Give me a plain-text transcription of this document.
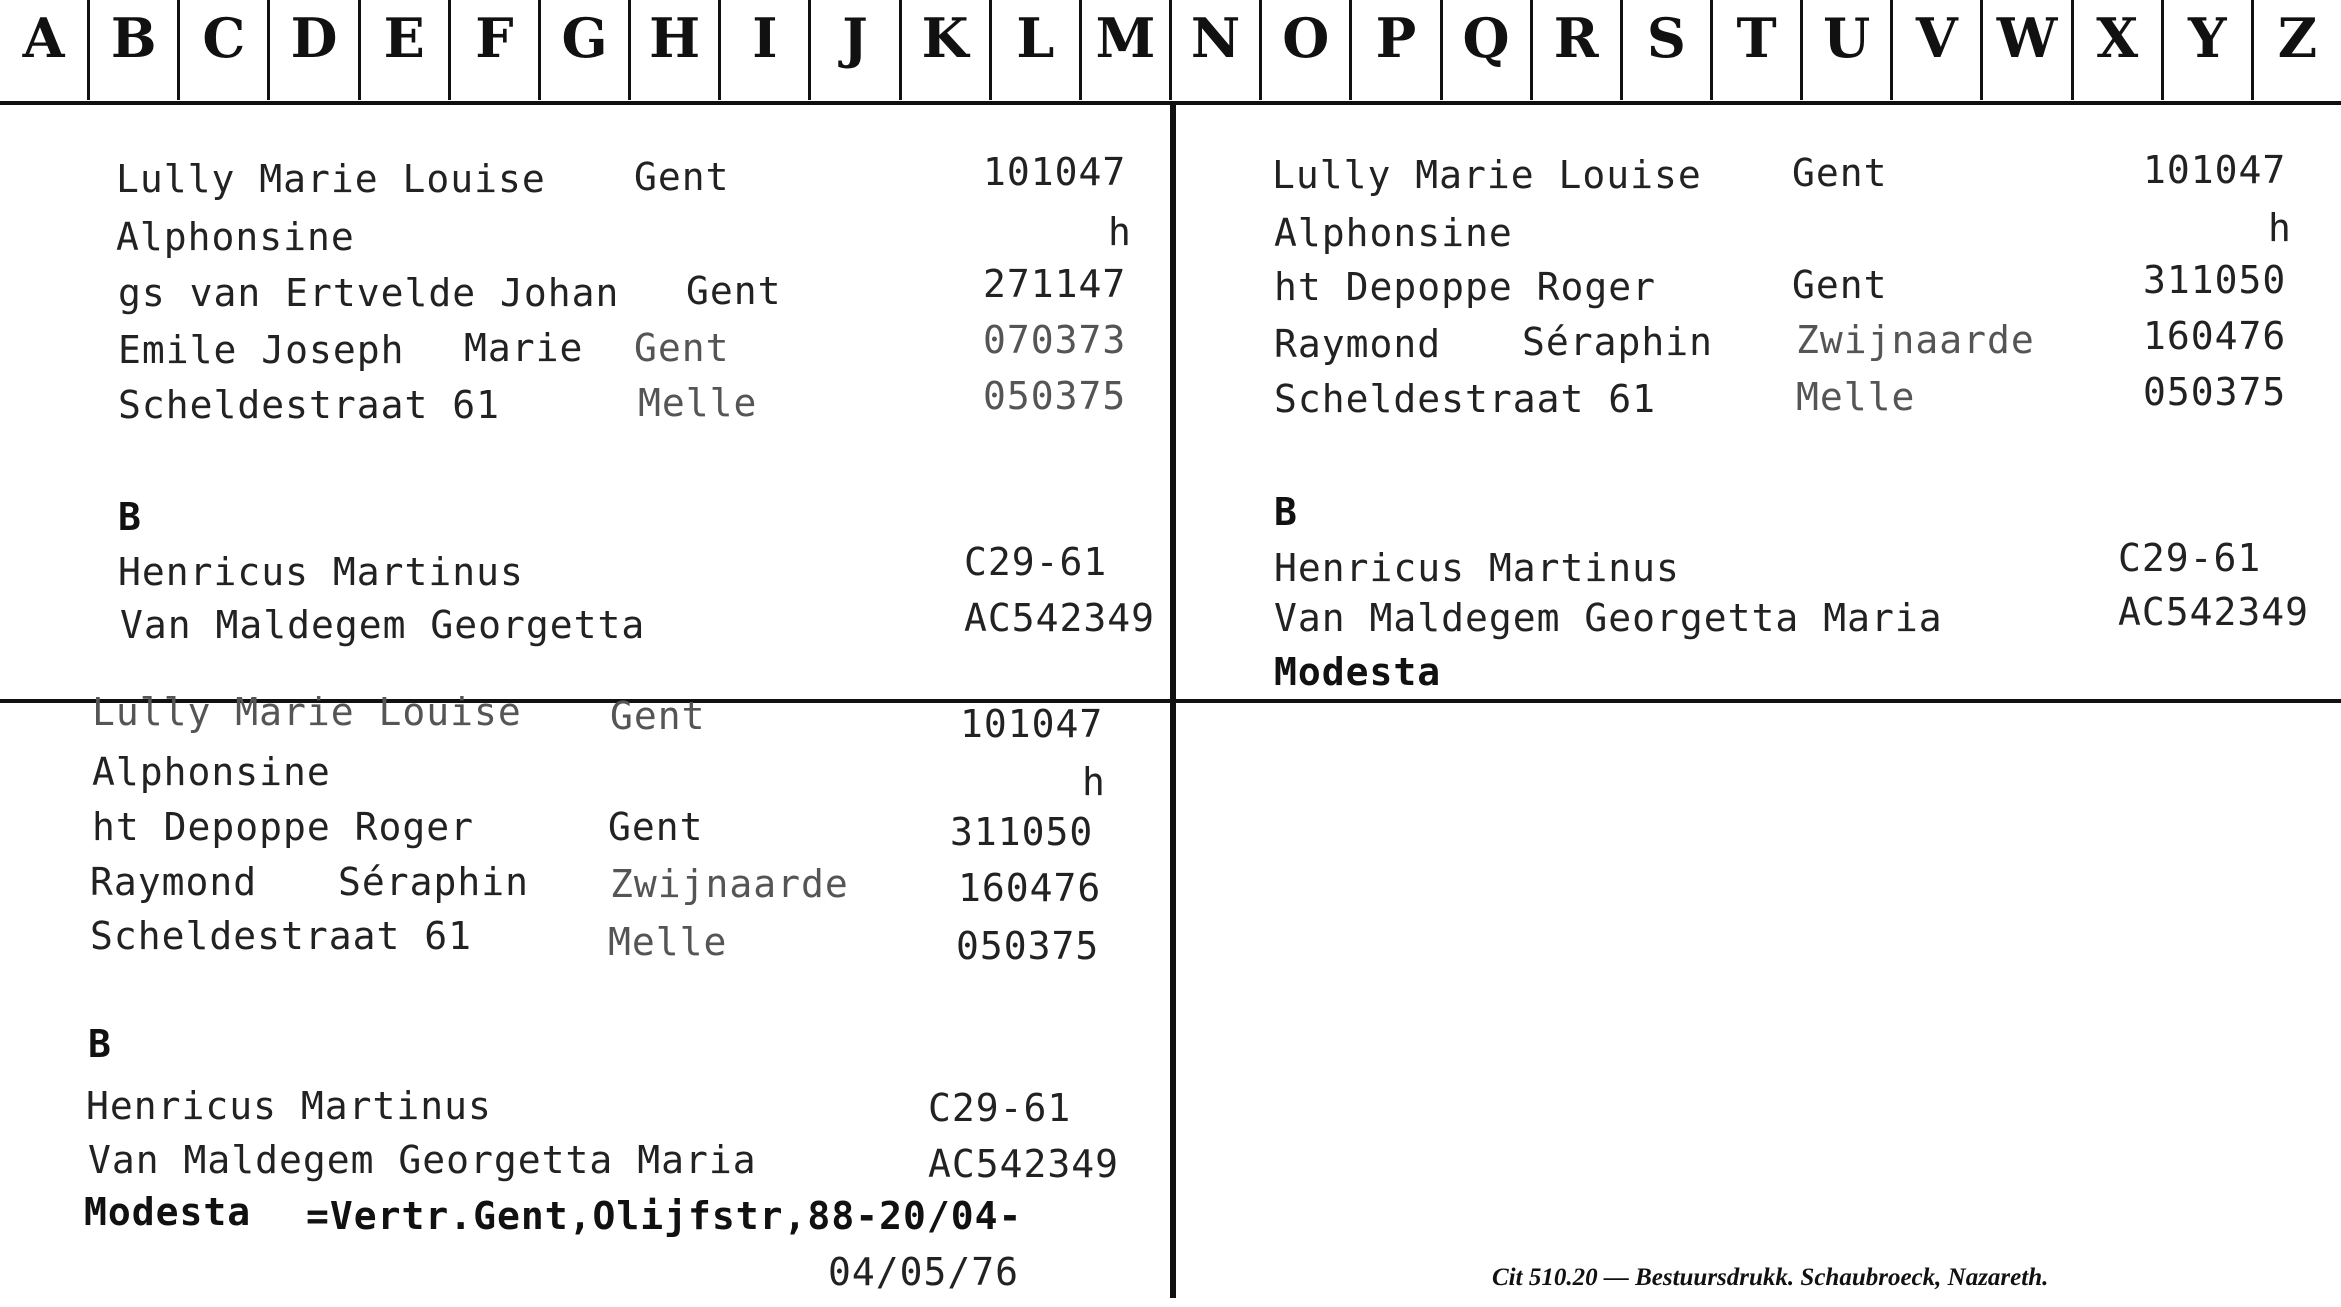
A B C D E F G H I	J K L M N O P Q R S T U V W X Y Z
Lully Marie Louise Gent	101047
Alphonsine	h
gs van Ertvelde Johan Gent	271147
Emile Joseph Marie Gent	070373
Scheldestraat 61	Melle	050375
B
Henricus Martinus	C29-61
Van Maldegem Georgetta	AC542349
Lully Marie Louise Gent	101047
Alphonsine	h
ht Depoppe Roger	Gent	311050
Raymond Séraphin Zwijnaarde	160476
Scheldestraat 61	Melle	050375
B
Henricus Martinus	C29-61
Van Maldegem Georgetta Maria	AC542349
Modesta
Lully Marie Louise Gent	101047
Alphonsine	h
ht Depoppe Roger	Gent	311050
Raymond Séraphin Zwijnaarde	160476
Scheldestraat 61	Melle	050375
B
Henricus Martinus	C29-61
Van Maldegem Georgetta Maria	AC542349
Modesta =Vertr.Gent,Olijfstr,88-20/04-
04/05/76	Cit 510.20 — Bestuursdrukk. Schaubroeck, Nazareth.
